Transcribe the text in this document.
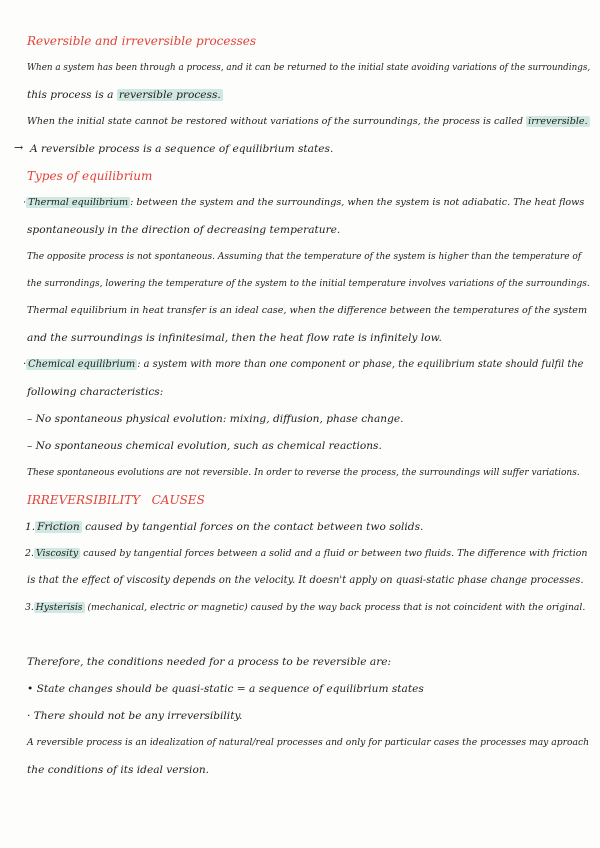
Reversible and irreversible processes
When a system has been through a process, and it can be returned to the initial state avoiding variations of the surroundings,
this process is a reversible process.
When the initial state cannot be restored without variations of the surroundings, the process is called irreversible.
→ A reversible process is a sequence of equilibrium states.
Types of equilibrium
· Thermal equilibrium : between the system and the surroundings, when the system is not adiabatic. The heat flows
spontaneously in the direction of decreasing temperature.
The opposite process is not spontaneous. Assuming that the temperature of the system is higher than the temperature of
the surrondings, lowering the temperature of the system to the initial temperature involves variations of the surroundings.
Thermal equilibrium in heat transfer is an ideal case, when the difference between the temperatures of the system
and the surroundings is infinitesimal, then the heat flow rate is infinitely low.
· Chemical equilibrium : a system with more than one component or phase, the equilibrium state should fulfil the
following characteristics:
– No spontaneous physical evolution: mixing, diffusion, phase change.
– No spontaneous chemical evolution, such as chemical reactions.
These spontaneous evolutions are not reversible. In order to reverse the process, the surroundings will suffer variations.
IRREVERSIBILITY   CAUSES
1. Friction caused by tangential forces on the contact between two solids.
2. Viscosity caused by tangential forces between a solid and a fluid or between two fluids. The difference with friction
is that the effect of viscosity depends on the velocity. It doesn't apply on quasi-static phase change processes.
3. Hysterisis (mechanical, electric or magnetic) caused by the way back process that is not coincident with the original.
Therefore, the conditions needed for a process to be reversible are:
• State changes should be quasi-static = a sequence of equilibrium states
· There should not be any irreversibility.
A reversible process is an idealization of natural/real processes and only for particular cases the processes may aproach
the conditions of its ideal version.
